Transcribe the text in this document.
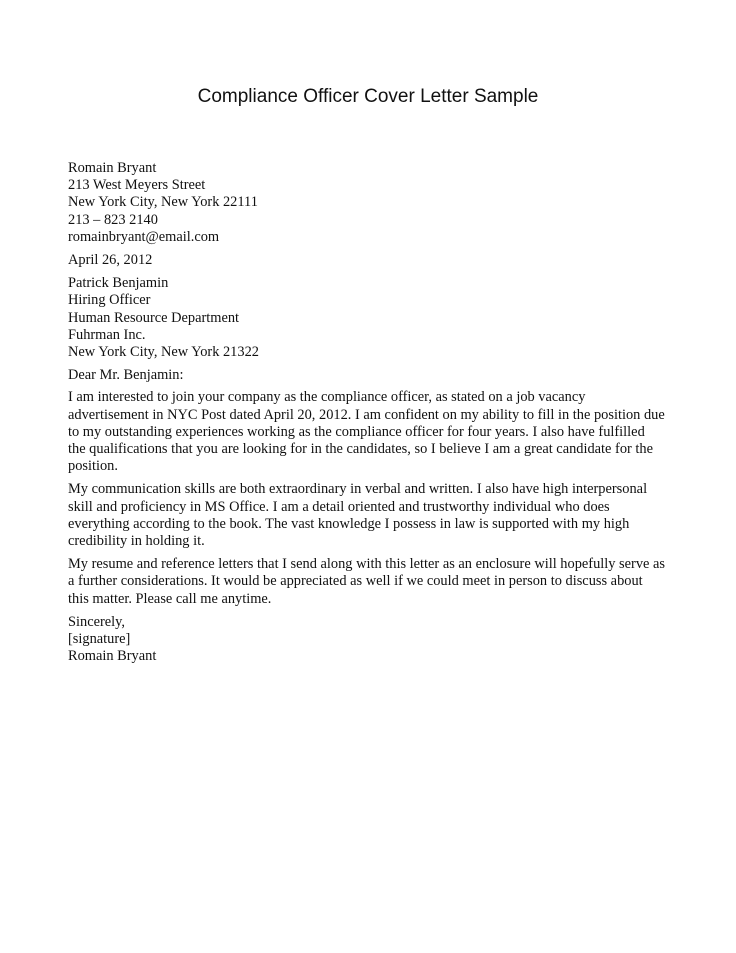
Compliance Officer Cover Letter Sample
Romain Bryant
213 West Meyers Street
New York City, New York 22111
213 – 823 2140
romainbryant@email.com
April 26, 2012
Patrick Benjamin
Hiring Officer
Human Resource Department
Fuhrman Inc.
New York City, New York 21322
Dear Mr. Benjamin:
I am interested to join your company as the compliance officer, as stated on a job vacancy
advertisement in NYC Post dated April 20, 2012. I am confident on my ability to fill in the position due
to my outstanding experiences working as the compliance officer for four years. I also have fulfilled
the qualifications that you are looking for in the candidates, so I believe I am a great candidate for the
position.
My communication skills are both extraordinary in verbal and written. I also have high interpersonal
skill and proficiency in MS Office. I am a detail oriented and trustworthy individual who does
everything according to the book. The vast knowledge I possess in law is supported with my high
credibility in holding it.
My resume and reference letters that I send along with this letter as an enclosure will hopefully serve as
a further considerations. It would be appreciated as well if we could meet in person to discuss about
this matter. Please call me anytime.
Sincerely,
[signature]
Romain Bryant
